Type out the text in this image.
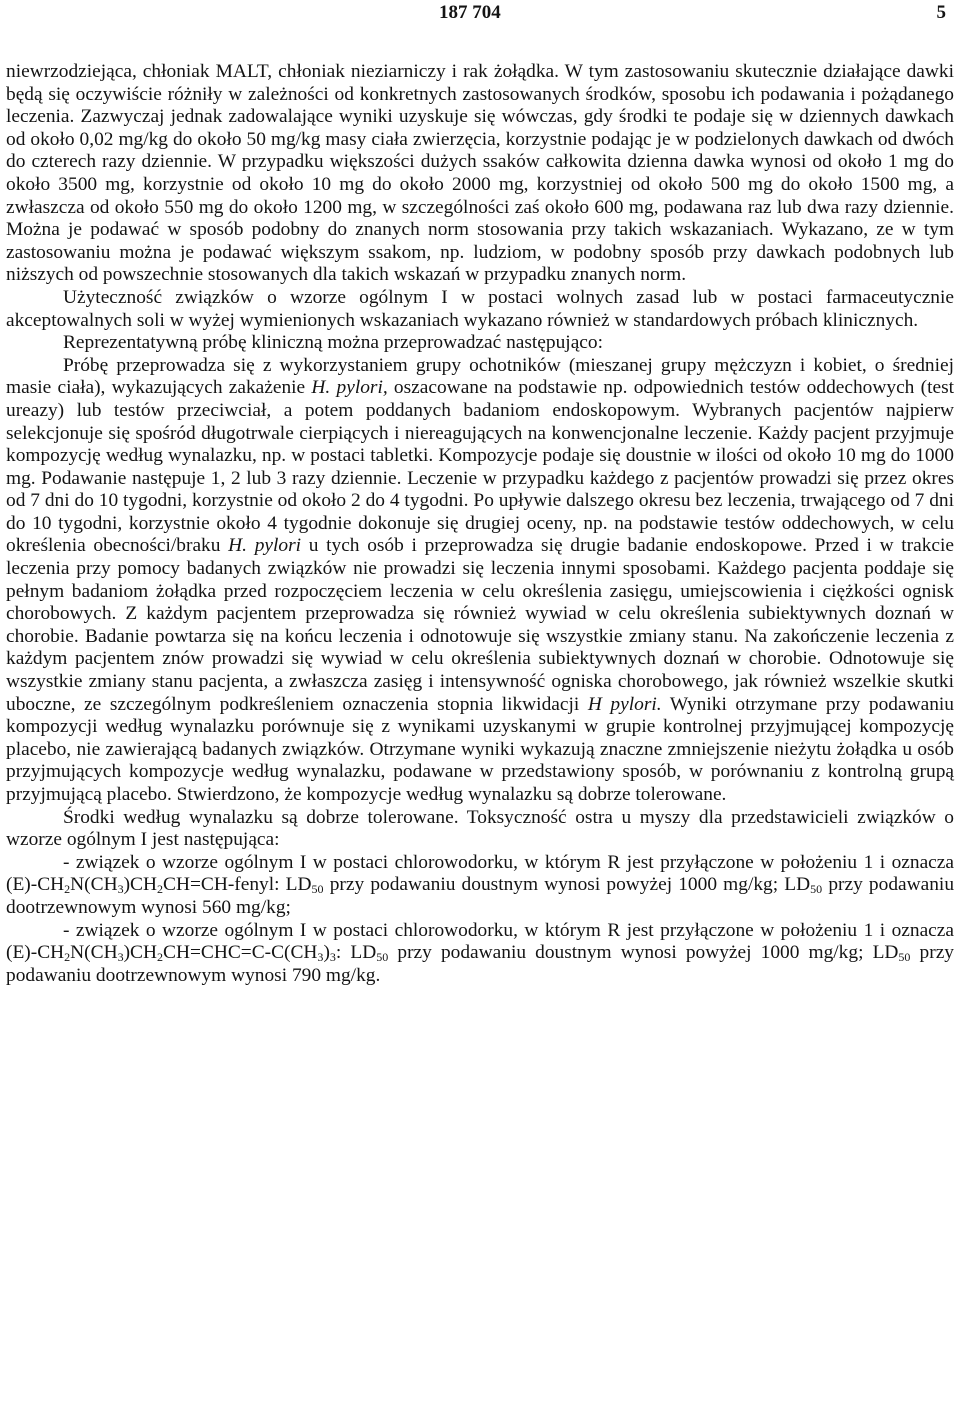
187 704	5

niewrzodziejąca, chłoniak MALT, chłoniak nieziarniczy i rak żołądka. W tym zastosowaniu skutecznie działające dawki będą się oczywiście różniły w zależności od konkretnych zastosowanych środków, sposobu ich podawania i pożądanego leczenia. Zazwyczaj jednak zadowalające wyniki uzyskuje się wówczas, gdy środki te podaje się w dziennych dawkach od około 0,02 mg/kg do około 50 mg/kg masy ciała zwierzęcia, korzystnie podając je w podzielonych dawkach od dwóch do czterech razy dziennie. W przypadku większości dużych ssaków całkowita dzienna dawka wynosi od około 1 mg do około 3500 mg, korzystnie od około 10 mg do około 2000 mg, korzystniej od około 500 mg do około 1500 mg, a zwłaszcza od około 550 mg do około 1200 mg, w szczególności zaś około 600 mg, podawana raz lub dwa razy dziennie. Można je podawać w sposób podobny do znanych norm stosowania przy takich wskazaniach. Wykazano, ze w tym zastosowaniu można je podawać większym ssakom, np. ludziom, w podobny sposób przy dawkach podobnych lub niższych od powszechnie stosowanych dla takich wskazań w przypadku znanych norm.

Użyteczność związków o wzorze ogólnym I w postaci wolnych zasad lub w postaci farmaceutycznie akceptowalnych soli w wyżej wymienionych wskazaniach wykazano również w standardowych próbach klinicznych.

Reprezentatywną próbę kliniczną można przeprowadzać następująco:

Próbę przeprowadza się z wykorzystaniem grupy ochotników (mieszanej grupy mężczyzn i kobiet, o średniej masie ciała), wykazujących zakażenie H. pylori, oszacowane na podstawie np. odpowiednich testów oddechowych (test ureazy) lub testów przeciwciał, a potem poddanych badaniom endoskopowym. Wybranych pacjentów najpierw selekcjonuje się spośród długotrwale cierpiących i niereagujących na konwencjonalne leczenie. Każdy pacjent przyjmuje kompozycję według wynalazku, np. w postaci tabletki. Kompozycje podaje się doustnie w ilości od około 10 mg do 1000 mg. Podawanie następuje 1, 2 lub 3 razy dziennie. Leczenie w przypadku każdego z pacjentów prowadzi się przez okres od 7 dni do 10 tygodni, korzystnie od około 2 do 4 tygodni. Po upływie dalszego okresu bez leczenia, trwającego od 7 dni do 10 tygodni, korzystnie około 4 tygodnie dokonuje się drugiej oceny, np. na podstawie testów oddechowych, w celu określenia obecności/braku H. pylori u tych osób i przeprowadza się drugie badanie endoskopowe. Przed i w trakcie leczenia przy pomocy badanych związków nie prowadzi się leczenia innymi sposobami. Każdego pacjenta poddaje się pełnym badaniom żołądka przed rozpoczęciem leczenia w celu określenia zasięgu, umiejscowienia i ciężkości ognisk chorobowych. Z każdym pacjentem przeprowadza się również wywiad w celu określenia subiektywnych doznań w chorobie. Badanie powtarza się na końcu leczenia i odnotowuje się wszystkie zmiany stanu. Na zakończenie leczenia z każdym pacjentem znów prowadzi się wywiad w celu określenia subiektywnych doznań w chorobie. Odnotowuje się wszystkie zmiany stanu pacjenta, a zwłaszcza zasięg i intensywność ogniska chorobowego, jak również wszelkie skutki uboczne, ze szczególnym podkreśleniem oznaczenia stopnia likwidacji H pylori. Wyniki otrzymane przy podawaniu kompozycji według wynalazku porównuje się z wynikami uzyskanymi w grupie kontrolnej przyjmującej kompozycję placebo, nie zawierającą badanych związków. Otrzymane wyniki wykazują znaczne zmniejszenie nieżytu żołądka u osób przyjmujących kompozycje według wynalazku, podawane w przedstawiony sposób, w porównaniu z kontrolną grupą przyjmującą placebo. Stwierdzono, że kompozycje według wynalazku są dobrze tolerowane.

Środki według wynalazku są dobrze tolerowane. Toksyczność ostra u myszy dla przedstawicieli związków o wzorze ogólnym I jest następująca:

- związek o wzorze ogólnym I w postaci chlorowodorku, w którym R jest przyłączone w położeniu 1 i oznacza $(E)-CH_2N(CH_3)CH_2CH=CH$-fenyl: $LD_{50}$ przy podawaniu doustnym wynosi powyżej 1000 mg/kg; $LD_{50}$ przy podawaniu dootrzewnowym wynosi 560 mg/kg;

- związek o wzorze ogólnym I w postaci chlorowodorku, w którym R jest przyłączone w położeniu 1 i oznacza $(E)-CH_2N(CH_3)CH_2CH=CHC=C-C(CH_3)_3$: $LD_{50}$ przy podawaniu doustnym wynosi powyżej 1000 mg/kg; $LD_{50}$ przy podawaniu dootrzewnowym wynosi 790 mg/kg.
